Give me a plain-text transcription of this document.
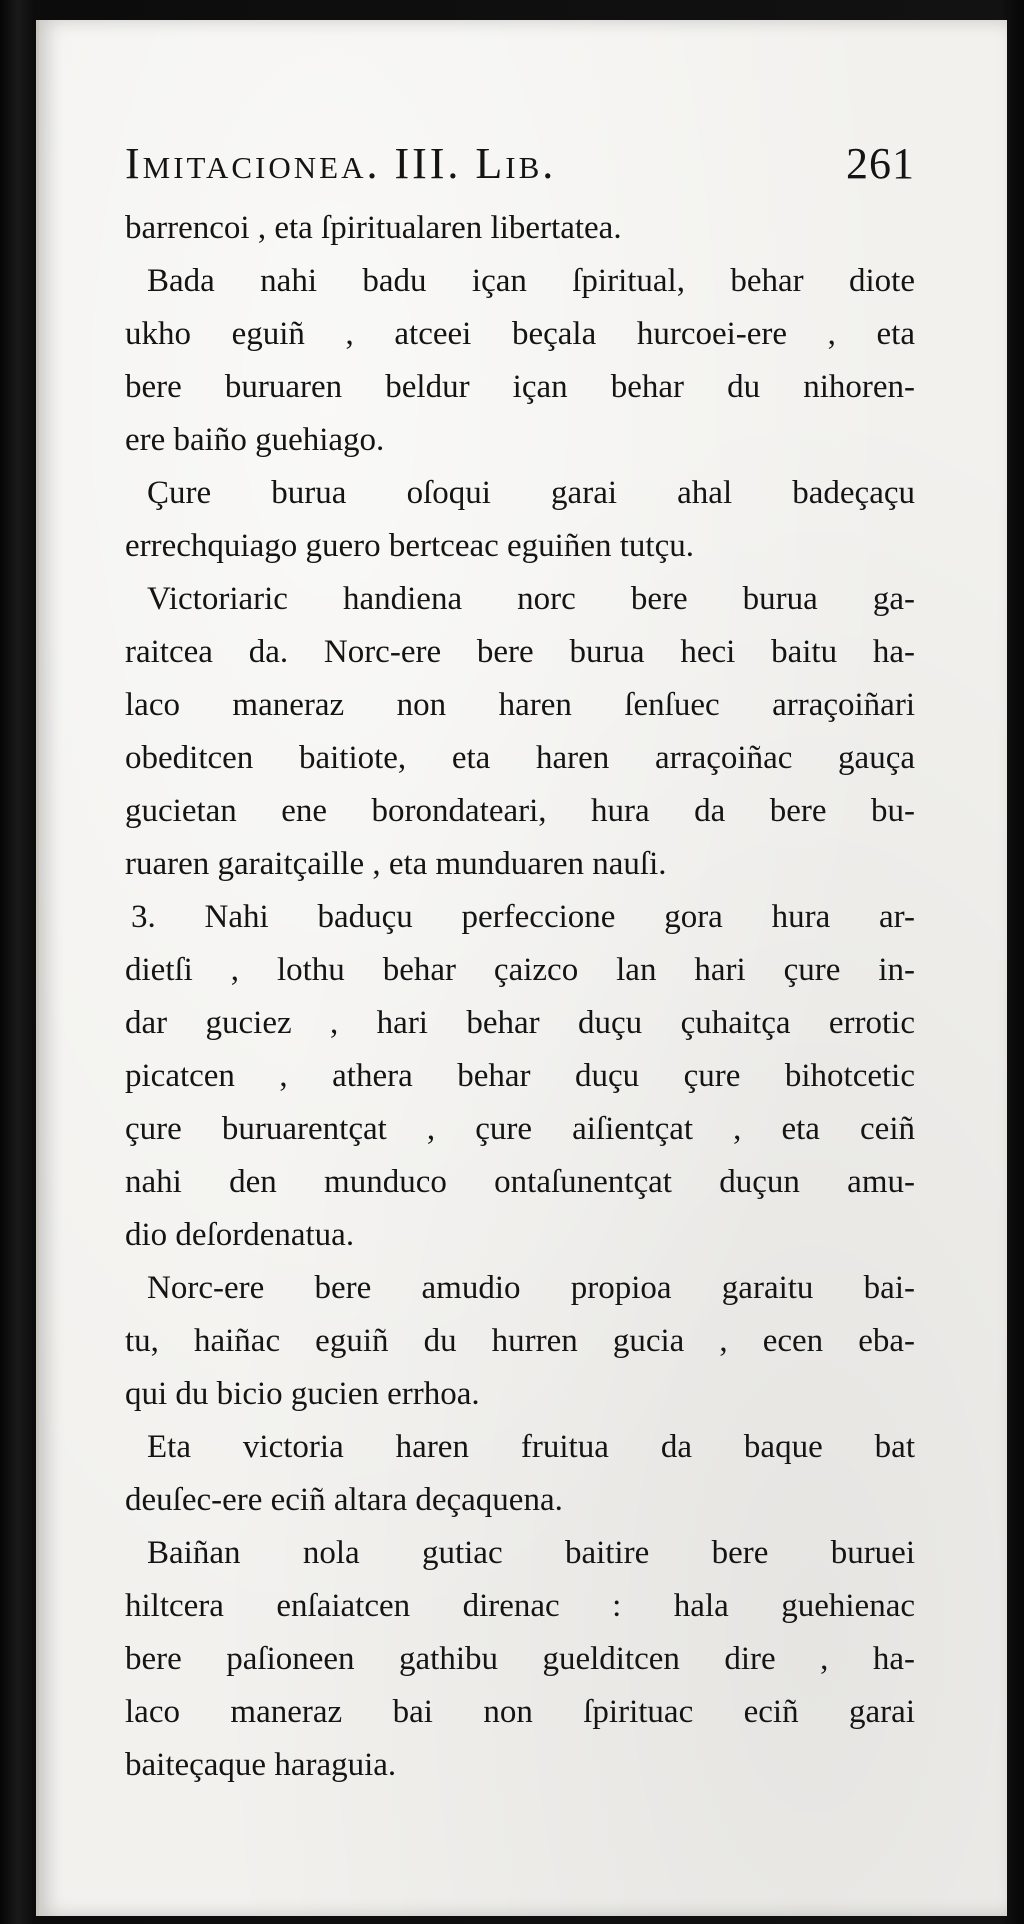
Imitacionea. III. Lib.	261
barrencoi , eta ſpiritualaren libertatea.
Bada nahi badu içan ſpiritual, behar diote
ukho eguiñ , atceei beçala hurcoei-ere , eta
bere buruaren beldur içan behar du nihoren-
ere baiño guehiago.
Çure burua oſoqui garai ahal badeçaçu
errechquiago guero bertceac eguiñen tutçu.
Victoriaric handiena norc bere burua ga-
raitcea da. Norc-ere bere burua heci baitu ha-
laco maneraz non haren ſenſuec arraçoiñari
obeditcen baitiote, eta haren arraçoiñac gauça
gucietan ene borondateari, hura da bere bu-
ruaren garaitçaille , eta munduaren nauſi.
3. Nahi baduçu perfeccione gora hura ar-
dietſi , lothu behar çaizco lan hari çure in-
dar guciez , hari behar duçu çuhaitça errotic
picatcen , athera behar duçu çure bihotcetic
çure buruarentçat , çure aiſientçat , eta ceiñ
nahi den munduco ontaſunentçat duçun amu-
dio deſordenatua.
Norc-ere bere amudio propioa garaitu bai-
tu, haiñac eguiñ du hurren gucia , ecen eba-
qui du bicio gucien errhoa.
Eta victoria haren fruitua da baque bat
deuſec-ere eciñ altara deçaquena.
Baiñan nola gutiac baitire bere buruei
hiltcera enſaiatcen direnac : hala guehienac
bere paſioneen gathibu guelditcen dire , ha-
laco maneraz bai non ſpirituac eciñ garai
baiteçaque haraguia.
